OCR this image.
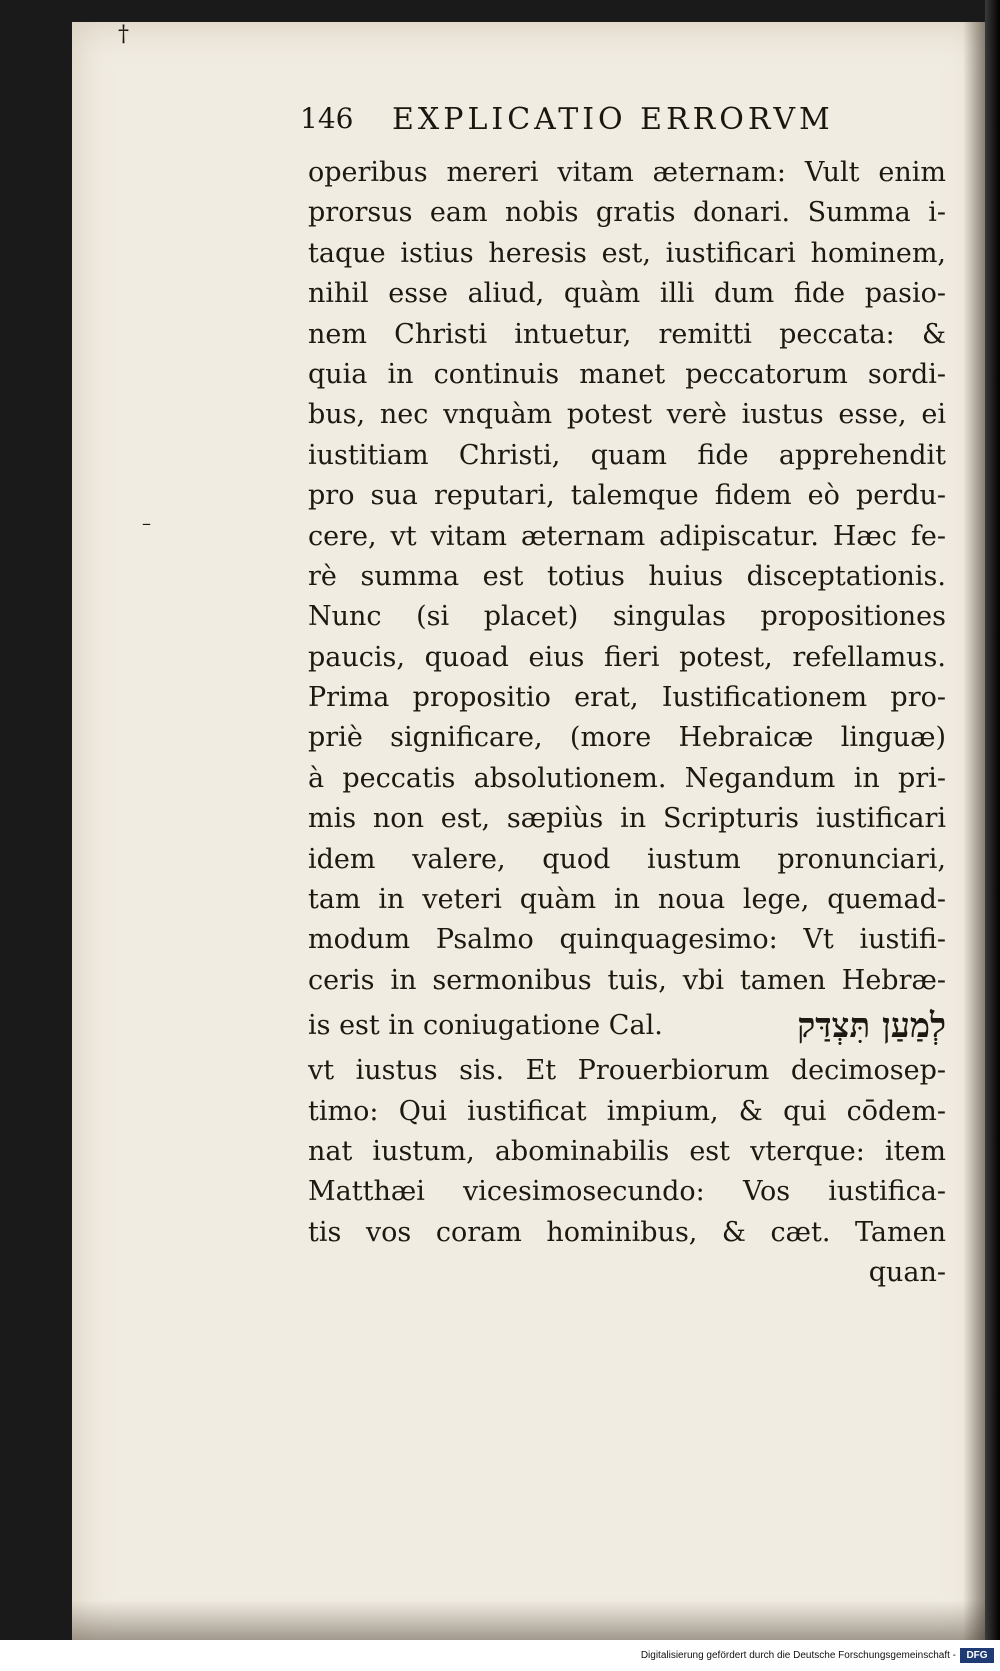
†
–
146 EXPLICATIO ERRORVM
operibus mereri vitam æternam: Vult enim
prorsus eam nobis gratis donari. Summa i-
taque istius heresis est, iustificari hominem,
nihil esse aliud, quàm illi dum fide pasio-
nem Christi intuetur, remitti peccata: &
quia in continuis manet peccatorum sordi-
bus, nec vnquàm potest verè iustus esse, ei
iustitiam Christi, quam fide apprehendit
pro sua reputari, talemque fidem eò perdu-
cere, vt vitam æternam adipiscatur. Hæc fe-
rè summa est totius huius disceptationis.
Nunc (si placet) singulas propositiones
paucis, quoad eius fieri potest, refellamus.
Prima propositio erat, Iustificationem pro-
priè significare, (more Hebraicæ linguæ)
à peccatis absolutionem. Negandum in pri-
mis non est, sæpiùs in Scripturis iustificari
idem valere, quod iustum pronunciari,
tam in veteri quàm in noua lege, quemad-
modum Psalmo quinquagesimo: Vt iustifi-
ceris in sermonibus tuis, vbi tamen Hebræ-
is est in coniugatione Cal.	לְמַעַן תִּצְדַּק
vt iustus sis. Et Prouerbiorum decimosep-
timo: Qui iustificat impium, & qui cōdem-
nat iustum, abominabilis est vterque: item
Matthæi vicesimosecundo: Vos iustifica-
tis vos coram hominibus, & cæt. Tamen
quan-
Digitalisierung gefördert durch die Deutsche Forschungsgemeinschaft -	DFG
